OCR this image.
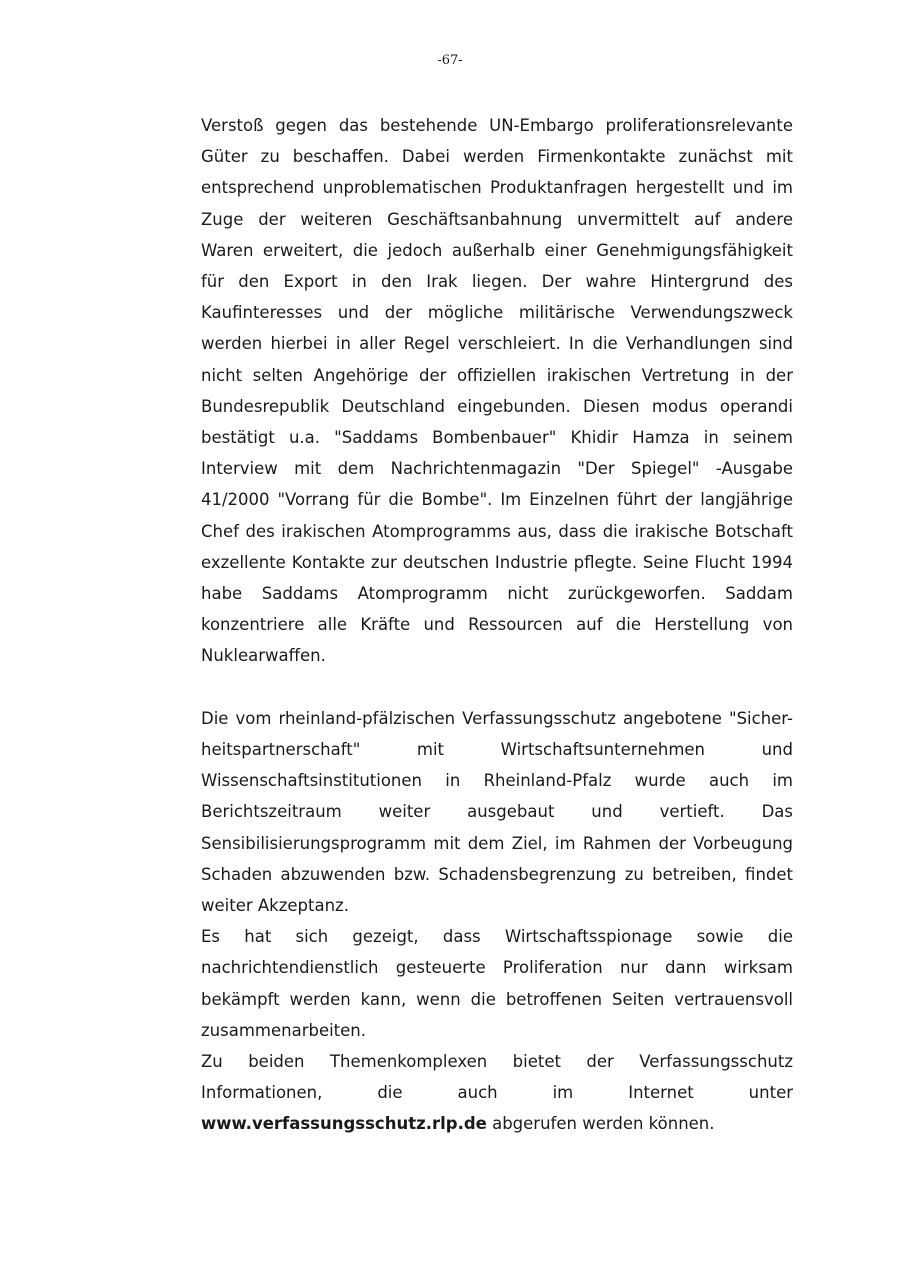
-67-

Verstoß gegen das bestehende UN-Embargo proliferationsrelevante Güter zu beschaffen. Dabei werden Firmenkontakte zunächst mit entsprechend unproblematischen Produktanfragen hergestellt und im Zuge der weiteren Geschäftsanbahnung unvermittelt auf andere Waren erweitert, die jedoch außerhalb einer Genehmigungsfähigkeit für den Export in den Irak liegen. Der wahre Hintergrund des Kaufinteresses und der mögliche militärische Verwendungszweck werden hierbei in aller Regel verschleiert. In die Verhandlungen sind nicht selten Angehörige der offiziellen irakischen Vertretung in der Bundesrepublik Deutschland eingebunden. Diesen modus operandi bestätigt u.a. "Saddams Bombenbauer" Khidir Hamza in seinem Interview mit dem Nachrichtenmagazin "Der Spiegel" -Ausgabe 41/2000 "Vorrang für die Bombe". Im Einzelnen führt der langjährige Chef des irakischen Atomprogramms aus, dass die irakische Botschaft exzellente Kontakte zur deutschen Industrie pflegte. Seine Flucht 1994 habe Saddams Atomprogramm nicht zurückgeworfen. Saddam konzentriere alle Kräfte und Ressourcen auf die Herstellung von Nuklearwaffen.

Die vom rheinland-pfälzischen Verfassungsschutz angebotene "Sicher-heitspartnerschaft" mit Wirtschaftsunternehmen und Wissenschaftsinstitutionen in Rheinland-Pfalz wurde auch im Berichtszeitraum weiter ausgebaut und vertieft. Das Sensibilisierungsprogramm mit dem Ziel, im Rahmen der Vorbeugung Schaden abzuwenden bzw. Schadensbegrenzung zu betreiben, findet weiter Akzeptanz.

Es hat sich gezeigt, dass Wirtschaftsspionage sowie die nachrichtendienstlich gesteuerte Proliferation nur dann wirksam bekämpft werden kann, wenn die betroffenen Seiten vertrauensvoll zusammenarbeiten.

Zu beiden Themenkomplexen bietet der Verfassungsschutz Informationen, die auch im Internet unter www.verfassungsschutz.rlp.de abgerufen werden können.
